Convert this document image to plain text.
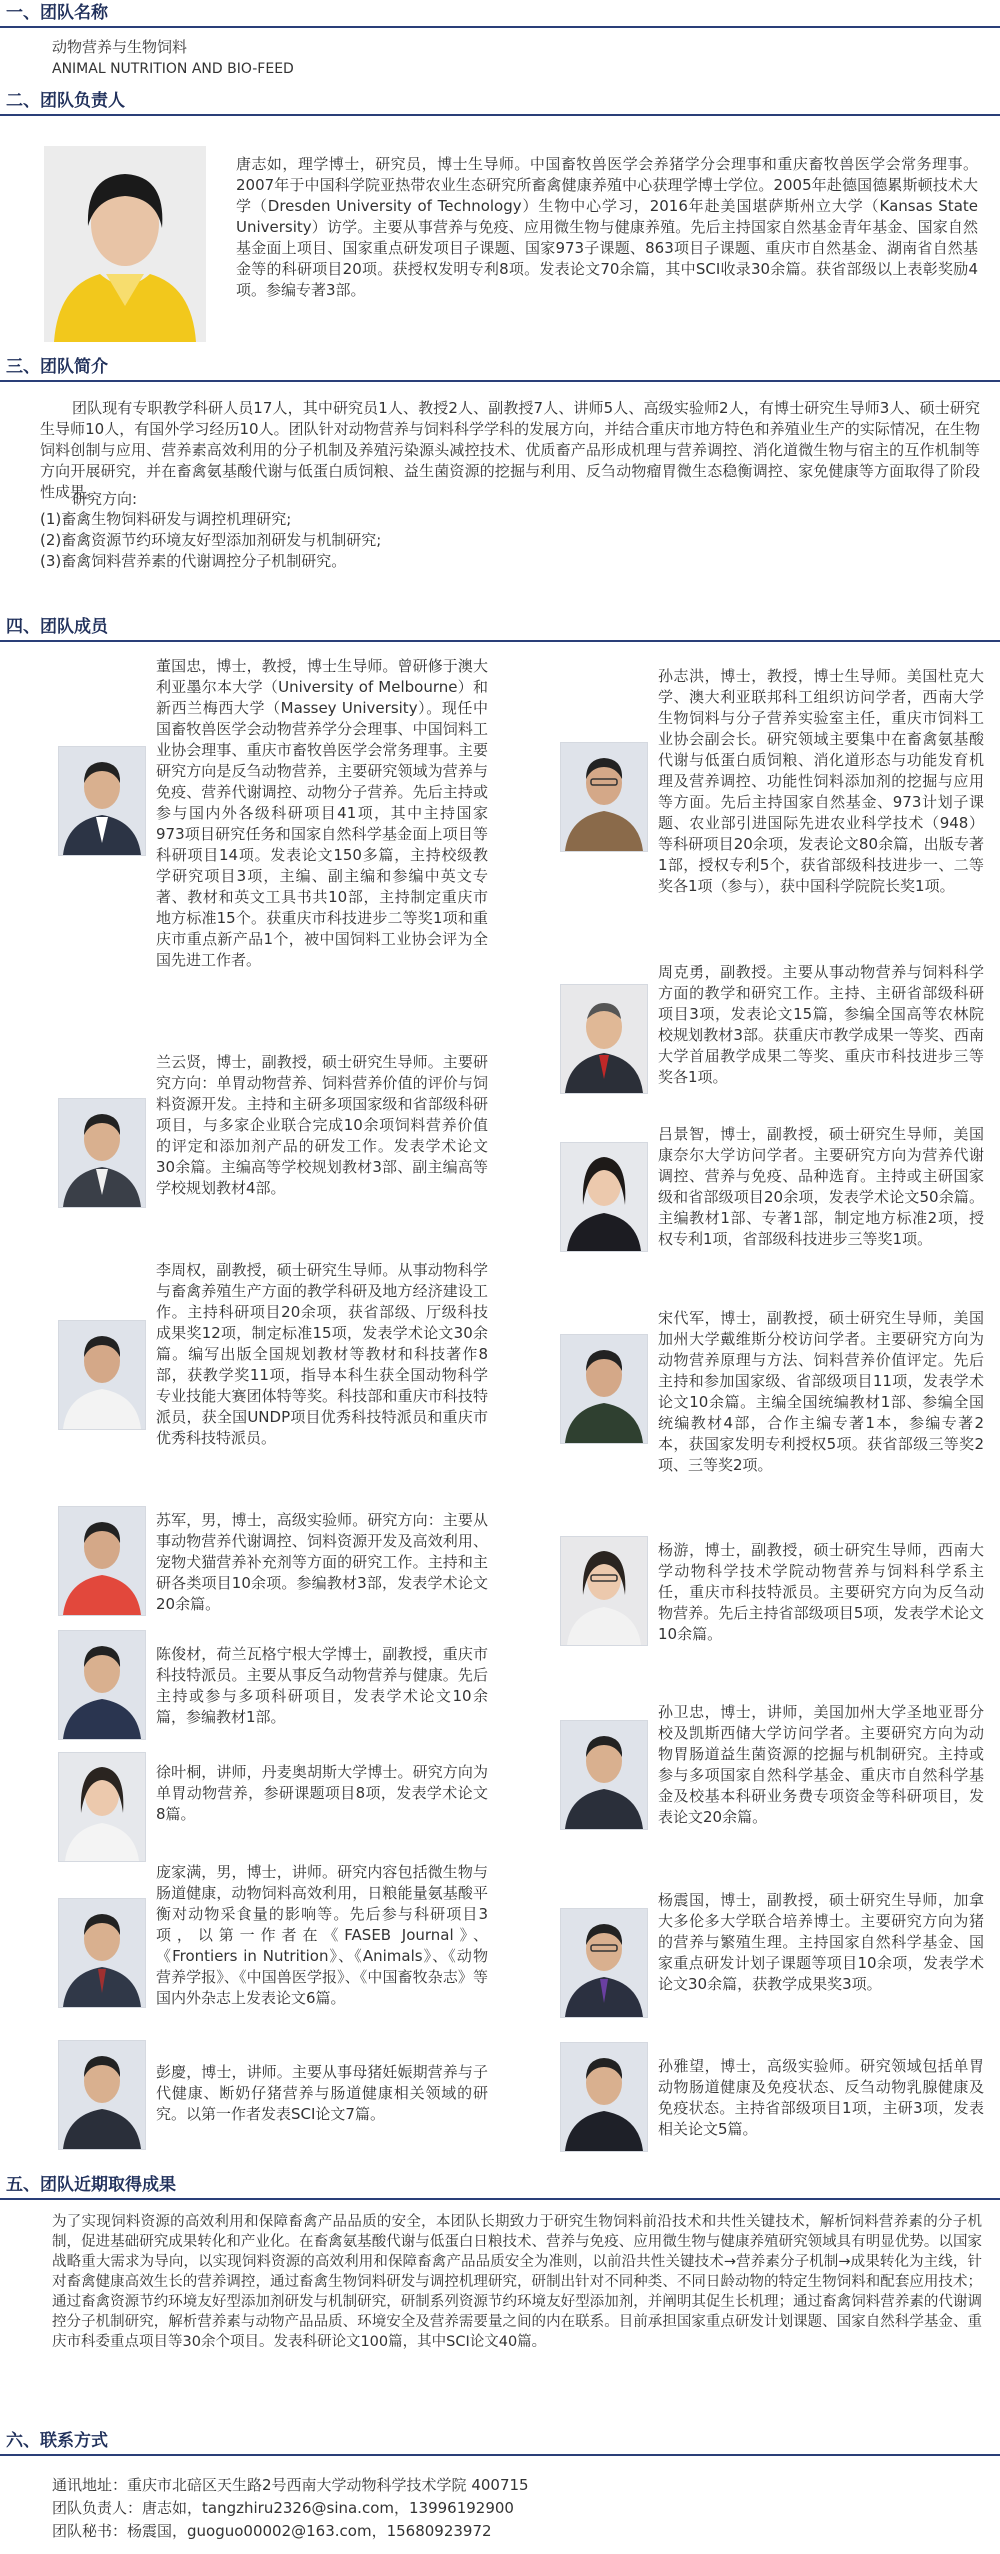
一、团队名称
动物营养与生物饲料
ANIMAL NUTRITION AND BIO-FEED
二、团队负责人
唐志如，理学博士，研究员，博士生导师。中国畜牧兽医学会养猪学分会理事和重庆畜牧兽医学会常务理事。2007年于中国科学院亚热带农业生态研究所畜禽健康养殖中心获理学博士学位。2005年赴德国德累斯顿技术大学（Dresden University of Technology）生物中心学习，2016年赴美国堪萨斯州立大学（Kansas State University）访学。主要从事营养与免疫、应用微生物与健康养殖。先后主持国家自然基金青年基金、国家自然基金面上项目、国家重点研发项目子课题、国家973子课题、863项目子课题、重庆市自然基金、湖南省自然基金等的科研项目20项。获授权发明专利8项。发表论文70余篇，其中SCI收录30余篇。获省部级以上表彰奖励4项。参编专著3部。
三、团队简介
团队现有专职教学科研人员17人，其中研究员1人、教授2人、副教授7人、讲师5人、高级实验师2人，有博士研究生导师3人、硕士研究生导师10人，有国外学习经历10人。团队针对动物营养与饲料科学学科的发展方向，并结合重庆市地方特色和养殖业生产的实际情况，在生物饲料创制与应用、营养素高效利用的分子机制及养殖污染源头减控技术、优质畜产品形成机理与营养调控、消化道微生物与宿主的互作机制等方向开展研究，并在畜禽氨基酸代谢与低蛋白质饲粮、益生菌资源的挖掘与利用、反刍动物瘤胃微生态稳衡调控、家免健康等方面取得了阶段性成果。
研究方向:
(1)畜禽生物饲料研发与调控机理研究;
(2)畜禽资源节约环境友好型添加剂研发与机制研究;
(3)畜禽饲料营养素的代谢调控分子机制研究。
四、团队成员
董国忠，博士，教授，博士生导师。曾研修于澳大利亚墨尔本大学（University of Melbourne）和新西兰梅西大学（Massey University）。现任中国畜牧兽医学会动物营养学分会理事、中国饲料工业协会理事、重庆市畜牧兽医学会常务理事。主要研究方向是反刍动物营养，主要研究领域为营养与免疫、营养代谢调控、动物分子营养。先后主持或参与国内外各级科研项目41项，其中主持国家973项目研究任务和国家自然科学基金面上项目等科研项目14项。发表论文150多篇，主持校级教学研究项目3项，主编、副主编和参编中英文专著、教材和英文工具书共10部，主持制定重庆市地方标准15个。获重庆市科技进步二等奖1项和重庆市重点新产品1个，被中国饲料工业协会评为全国先进工作者。
兰云贤，博士，副教授，硕士研究生导师。主要研究方向：单胃动物营养、饲料营养价值的评价与饲料资源开发。主持和主研多项国家级和省部级科研项目，与多家企业联合完成10余项饲料营养价值的评定和添加剂产品的研发工作。发表学术论文30余篇。主编高等学校规划教材3部、副主编高等学校规划教材4部。
李周权，副教授，硕士研究生导师。从事动物科学与畜禽养殖生产方面的教学科研及地方经济建设工作。主持科研项目20余项，获省部级、厅级科技成果奖12项，制定标准15项，发表学术论文30余篇。编写出版全国规划教材等教材和科技著作8部，获教学奖11项，指导本科生获全国动物科学专业技能大赛团体特等奖。科技部和重庆市科技特派员，获全国UNDP项目优秀科技特派员和重庆市优秀科技特派员。
苏军，男，博士，高级实验师。研究方向：主要从事动物营养代谢调控、饲料资源开发及高效利用、宠物犬猫营养补充剂等方面的研究工作。主持和主研各类项目10余项。参编教材3部，发表学术论文20余篇。
陈俊材，荷兰瓦格宁根大学博士，副教授，重庆市科技特派员。主要从事反刍动物营养与健康。先后主持或参与多项科研项目，发表学术论文10余篇，参编教材1部。
徐叶桐，讲师，丹麦奥胡斯大学博士。研究方向为单胃动物营养，参研课题项目8项，发表学术论文8篇。
庞家满，男，博士，讲师。研究内容包括微生物与肠道健康，动物饲料高效利用，日粮能量氨基酸平衡对动物采食量的影响等。先后参与科研项目3项，以第一作者在《FASEB Journal》、《Frontiers in Nutrition》、《Animals》、《动物营养学报》、《中国兽医学报》、《中国畜牧杂志》等国内外杂志上发表论文6篇。
彭慶，博士，讲师。主要从事母猪妊娠期营养与子代健康、断奶仔猪营养与肠道健康相关领域的研究。以第一作者发表SCI论文7篇。
孙志洪，博士，教授，博士生导师。美国杜克大学、澳大利亚联邦科工组织访问学者，西南大学生物饲料与分子营养实验室主任，重庆市饲料工业协会副会长。研究领域主要集中在畜禽氨基酸代谢与低蛋白质饲粮、消化道形态与功能发育机理及营养调控、功能性饲料添加剂的挖掘与应用等方面。先后主持国家自然基金、973计划子课题、农业部引进国际先进农业科学技术（948）等科研项目20余项，发表论文80余篇，出版专著1部，授权专利5个，获省部级科技进步一、二等奖各1项（参与），获中国科学院院长奖1项。
周克勇，副教授。主要从事动物营养与饲料科学方面的教学和研究工作。主持、主研省部级科研项目3项，发表论文15篇，参编全国高等农林院校规划教材3部。获重庆市教学成果一等奖、西南大学首届教学成果二等奖、重庆市科技进步三等奖各1项。
吕景智，博士，副教授，硕士研究生导师，美国康奈尔大学访问学者。主要研究方向为营养代谢调控、营养与免疫、品种选育。主持或主研国家级和省部级项目20余项，发表学术论文50余篇。主编教材1部、专著1部，制定地方标准2项，授权专利1项，省部级科技进步三等奖1项。
宋代军，博士，副教授，硕士研究生导师，美国加州大学戴维斯分校访问学者。主要研究方向为动物营养原理与方法、饲料营养价值评定。先后主持和参加国家级、省部级项目11项，发表学术论文10余篇。主编全国统编教材1部、参编全国统编教材4部，合作主编专著1本，参编专著2本，获国家发明专利授权5项。获省部级三等奖2项、三等奖2项。
杨游，博士，副教授，硕士研究生导师，西南大学动物科学技术学院动物营养与饲料科学系主任，重庆市科技特派员。主要研究方向为反刍动物营养。先后主持省部级项目5项，发表学术论文10余篇。
孙卫忠，博士，讲师，美国加州大学圣地亚哥分校及凯斯西储大学访问学者。主要研究方向为动物胃肠道益生菌资源的挖掘与机制研究。主持或参与多项国家自然科学基金、重庆市自然科学基金及校基本科研业务费专项资金等科研项目，发表论文20余篇。
杨震国，博士，副教授，硕士研究生导师，加拿大多伦多大学联合培养博士。主要研究方向为猪的营养与繁殖生理。主持国家自然科学基金、国家重点研发计划子课题等项目10余项，发表学术论文30余篇，获教学成果奖3项。
孙雅望，博士，高级实验师。研究领域包括单胃动物肠道健康及免疫状态、反刍动物乳腺健康及免疫状态。主持省部级项目1项，主研3项，发表相关论文5篇。
五、团队近期取得成果
为了实现饲料资源的高效利用和保障畜禽产品品质的安全，本团队长期致力于研究生物饲料前沿技术和共性关键技术，解析饲料营养素的分子机制，促进基础研究成果转化和产业化。在畜禽氨基酸代谢与低蛋白日粮技术、营养与免疫、应用微生物与健康养殖研究领域具有明显优势。以国家战略重大需求为导向，以实现饲料资源的高效利用和保障畜禽产品品质安全为准则，以前沿共性关键技术→营养素分子机制→成果转化为主线，针对畜禽健康高效生长的营养调控，通过畜禽生物饲料研发与调控机理研究，研制出针对不同种类、不同日龄动物的特定生物饲料和配套应用技术；通过畜禽资源节约环境友好型添加剂研发与机制研究，研制系列资源节约环境友好型添加剂，并阐明其促生长机理；通过畜禽饲料营养素的代谢调控分子机制研究，解析营养素与动物产品品质、环境安全及营养需要量之间的内在联系。目前承担国家重点研发计划课题、国家自然科学基金、重庆市科委重点项目等30余个项目。发表科研论文100篇，其中SCI论文40篇。
六、联系方式
通讯地址：重庆市北碚区天生路2号西南大学动物科学技术学院 400715
团队负责人：唐志如，tangzhiru2326@sina.com，13996192900
团队秘书：杨震国，guoguo00002@163.com，15680923972
